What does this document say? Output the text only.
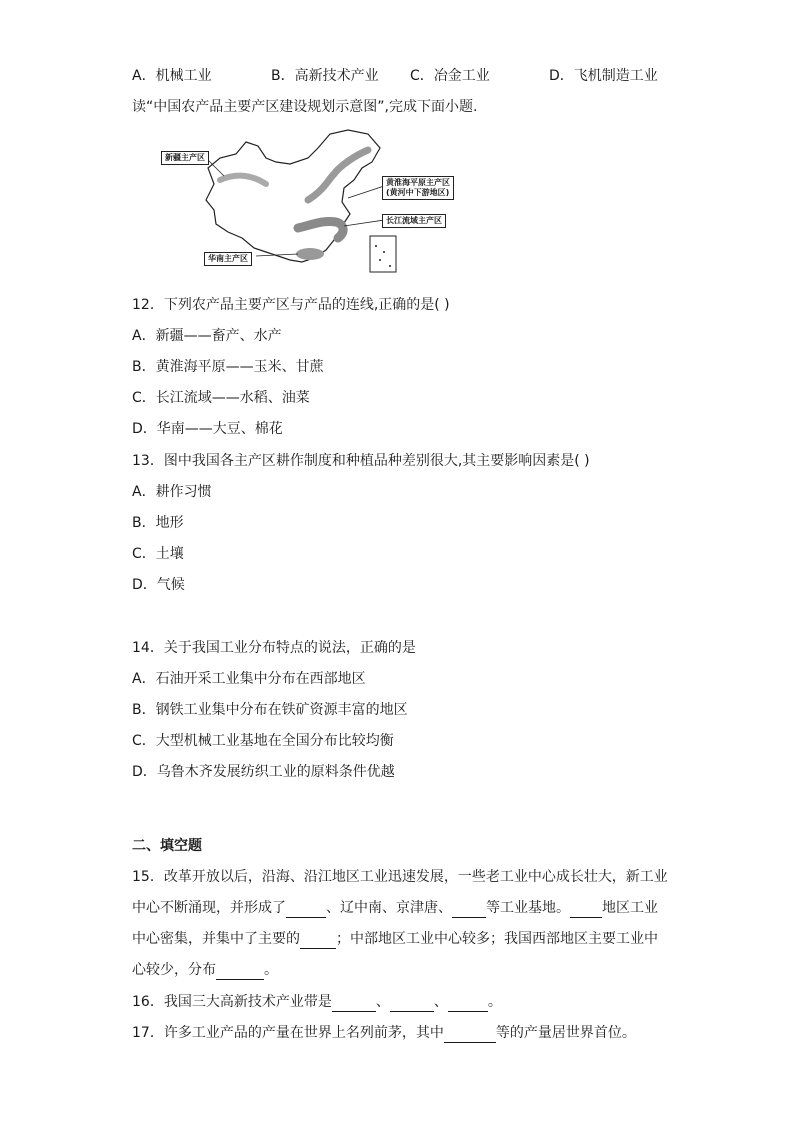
A．机械工业	B．高新技术产业 C．冶金工业	D．飞机制造工业
读“中国农产品主要产区建设规划示意图”,完成下面小题.
新疆主产区
黄淮海平原主产区
(黄河中下游地区)
长江流域主产区
华南主产区
12．下列农产品主要产区与产品的连线,正确的是( )
A．新疆——畜产、水产
B．黄淮海平原——玉米、甘蔗
C．长江流域——水稻、油菜
D．华南——大豆、棉花
13．图中我国各主产区耕作制度和种植品种差别很大,其主要影响因素是( )
A．耕作习惯
B．地形
C．土壤
D．气候
14．关于我国工业分布特点的说法，正确的是
A．石油开采工业集中分布在西部地区
B．钢铁工业集中分布在铁矿资源丰富的地区
C．大型机械工业基地在全国分布比较均衡
D．乌鲁木齐发展纺织工业的原料条件优越
二、填空题
15．改革开放以后，沿海、沿江地区工业迅速发展，一些老工业中心成长壮大，新工业
中心不断涌现，并形成了	、辽中南、京津唐、 等工业基地。 地区工业
中心密集，并集中了主要的	；中部地区工业中心较多；我国西部地区主要工业中
心较少，分布	。
16．我国三大高新技术产业带是	、	、	。
17．许多工业产品的产量在世界上名列前茅，其中	等的产量居世界首位。
